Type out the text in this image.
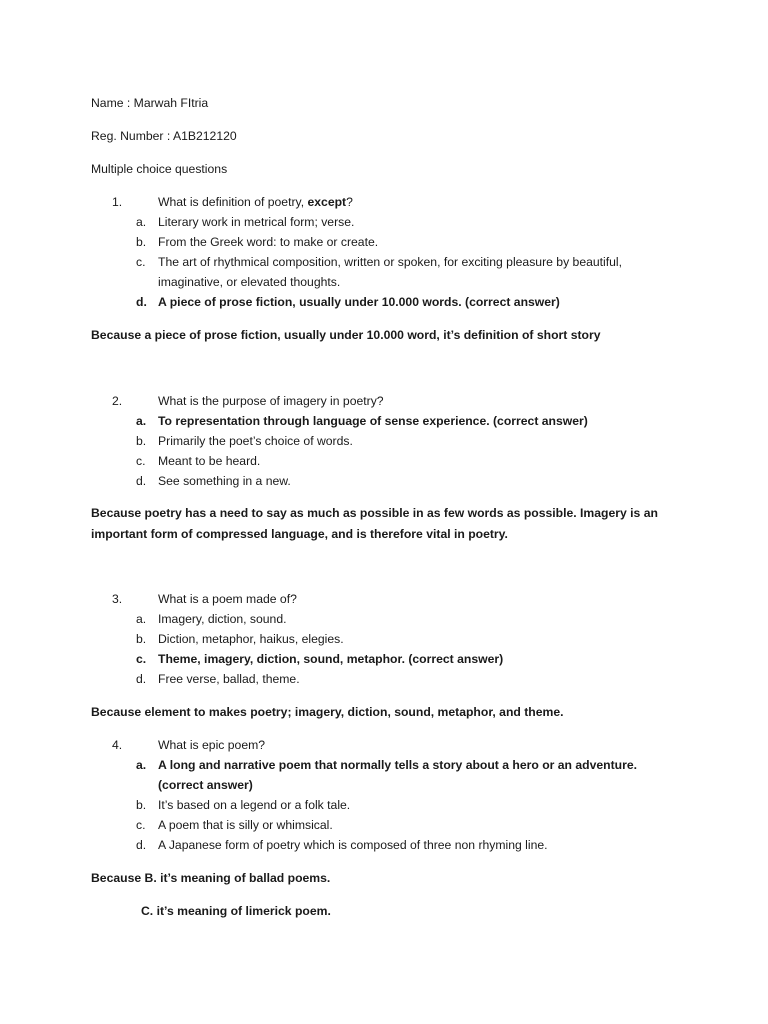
Name : Marwah FItria
Reg. Number : A1B212120
Multiple choice questions
1.	What is definition of poetry, except?
a. Literary work in metrical form; verse.
b. From the Greek word: to make or create.
c. The art of rhythmical composition, written or spoken, for exciting pleasure by beautiful,
imaginative, or elevated thoughts.
d. A piece of prose fiction, usually under 10.000 words. (correct answer)
Because a piece of prose fiction, usually under 10.000 word, it’s definition of short story
2.	What is the purpose of imagery in poetry?
a. To representation through language of sense experience. (correct answer)
b. Primarily the poet’s choice of words.
c. Meant to be heard.
d. See something in a new.
Because poetry has a need to say as much as possible in as few words as possible. Imagery is an
important form of compressed language, and is therefore vital in poetry.
3.	What is a poem made of?
a. Imagery, diction, sound.
b. Diction, metaphor, haikus, elegies.
c. Theme, imagery, diction, sound, metaphor. (correct answer)
d. Free verse, ballad, theme.
Because element to makes poetry; imagery, diction, sound, metaphor, and theme.
4.	What is epic poem?
a. A long and narrative poem that normally tells a story about a hero or an adventure.
(correct answer)
b. It’s based on a legend or a folk tale.
c. A poem that is silly or whimsical.
d. A Japanese form of poetry which is composed of three non rhyming line.
Because B. it’s meaning of ballad poems.
C. it’s meaning of limerick poem.
